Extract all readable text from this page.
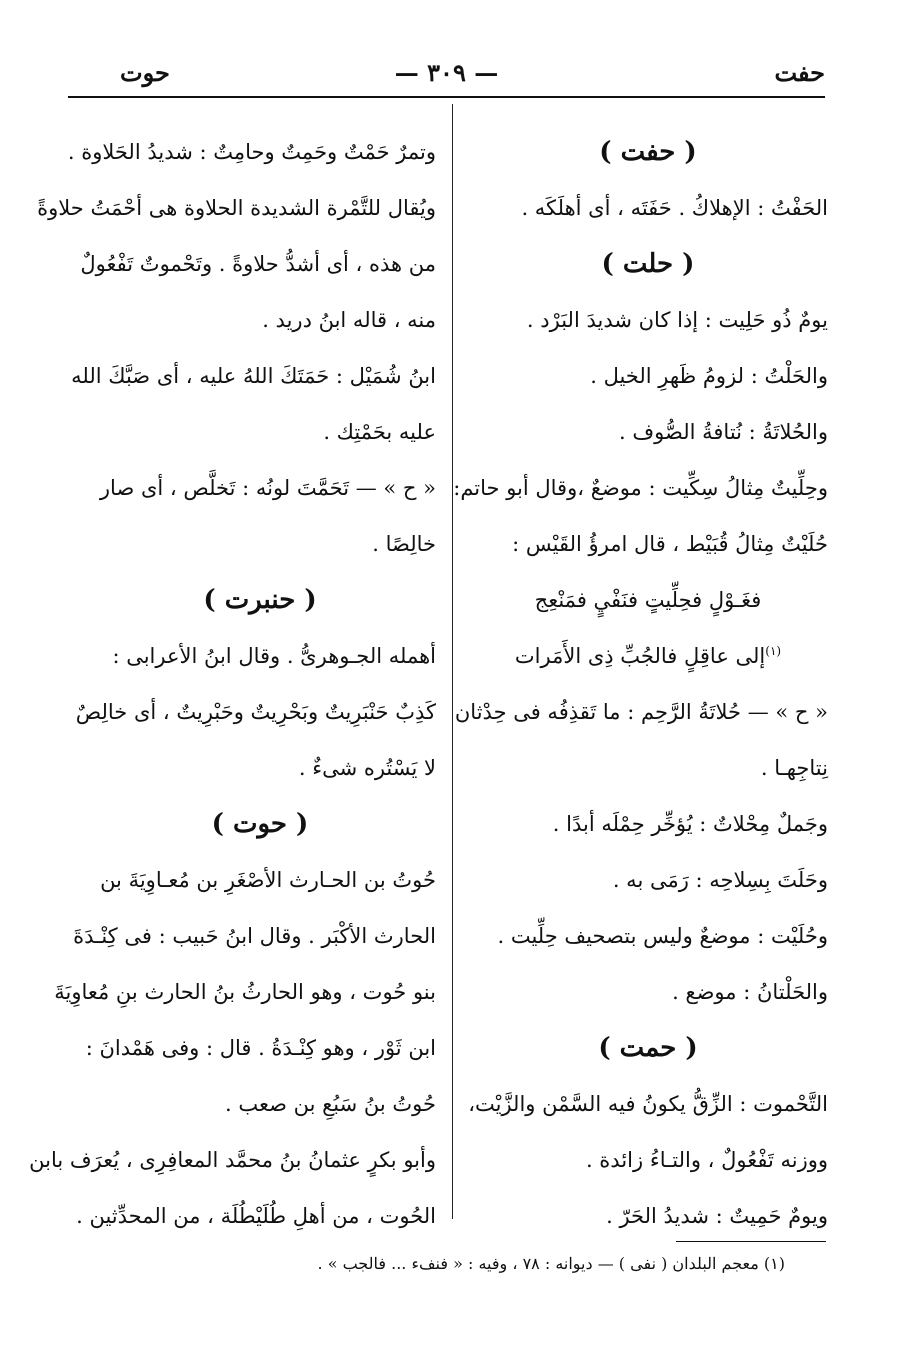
حفت
— ٣٠٩ —
حوت
( حفت )
الحَفْتُ : الإهلاكُ . حَفَتَه ، أى أهلَكَه .
( حلت )
يومٌ ذُو حَلِيت : إذا كان شديدَ البَرْد .
والحَلْتُ : لزومُ ظَهرِ الخيل .
والحُلاتَةُ : نُتافةُ الصُّوف .
وحِلِّيتٌ مِثالُ سِكِّيت : موضعٌ ،وقال أبو حاتم:
حُلَيْتٌ مِثالُ قُبَيْط ، قال امرؤُ القَيْس :
فغَـوْلٍ فحِلِّيتٍ فنَفْيٍ فمَنْعِج
$^{(١)}$إلى عاقِلٍ فالجُبِّ ذِى الأَمَرات
« ح » — حُلاتَةُ الرَّحِم : ما تَقذِفُه فى حِدْثان
نِتاجِهـا .
وجَملٌ مِحْلاتٌ : يُؤخِّر حِمْلَه أبدًا .
وحَلَتَ بِسِلاحِه : رَمَى به .
وحُلَيْت : موضعٌ وليس بتصحيف حِلِّيت .
والحَلْتانُ : موضع .
( حمت )
التَّحْموت : الزِّقُّ يكونُ فيه السَّمْن والزَّيْت،
ووزنه تَفْعُولٌ ، والتـاءُ زائدة .
ويومٌ حَمِيتٌ : شديدُ الحَرّ .
وتمرٌ حَمْتٌ وحَمِتٌ وحامِتٌ : شديدُ الحَلاوة .
ويُقال للتَّمْرة الشديدة الحلاوة هى أحْمَتُ حلاوةً
من هذه ، أى أشدُّ حلاوةً . وتَحْموتٌ تَفْعُولٌ
منه ، قاله ابنُ دريد .
ابنُ شُمَيْل : حَمَتَكَ اللهُ عليه ، أى صَبَّكَ الله
عليه بحَمْتِك .
« ح » — تَحَمَّتَ لونُه : تَخلَّص ، أى صار
خالِصًا .
( حنبرت )
أهمله الجـوهرىُّ . وقال ابنُ الأعرابى :
كَذِبٌ حَنْبَرِيتٌ وبَحْرِيتٌ وحَبْرِيتٌ ، أى خالِصٌ
لا يَسْتُره شىءٌ .
( حوت )
حُوتُ بن الحـارث الأصْغَرِ بن مُعـاوِيَةَ بن
الحارث الأكْبَر . وقال ابنُ حَبيب : فى كِنْـدَةَ
بنو حُوت ، وهو الحارثُ بنُ الحارث بنِ مُعاوِيَةَ
ابن ثَوْر ، وهو كِنْـدَةُ . قال : وفى هَمْدانَ :
حُوتُ بنُ سَبُعِ بن صعب .
وأبو بكرٍ عثمانُ بنُ محمَّد المعافِرِى ، يُعرَف بابن
الحُوت ، من أهلِ طُلَيْطُلَة ، من المحدِّثين .
(١) معجم البلدان ( نفى ) — ديوانه : ٧٨ ، وفيه : « فنفء ... فالجب » .
